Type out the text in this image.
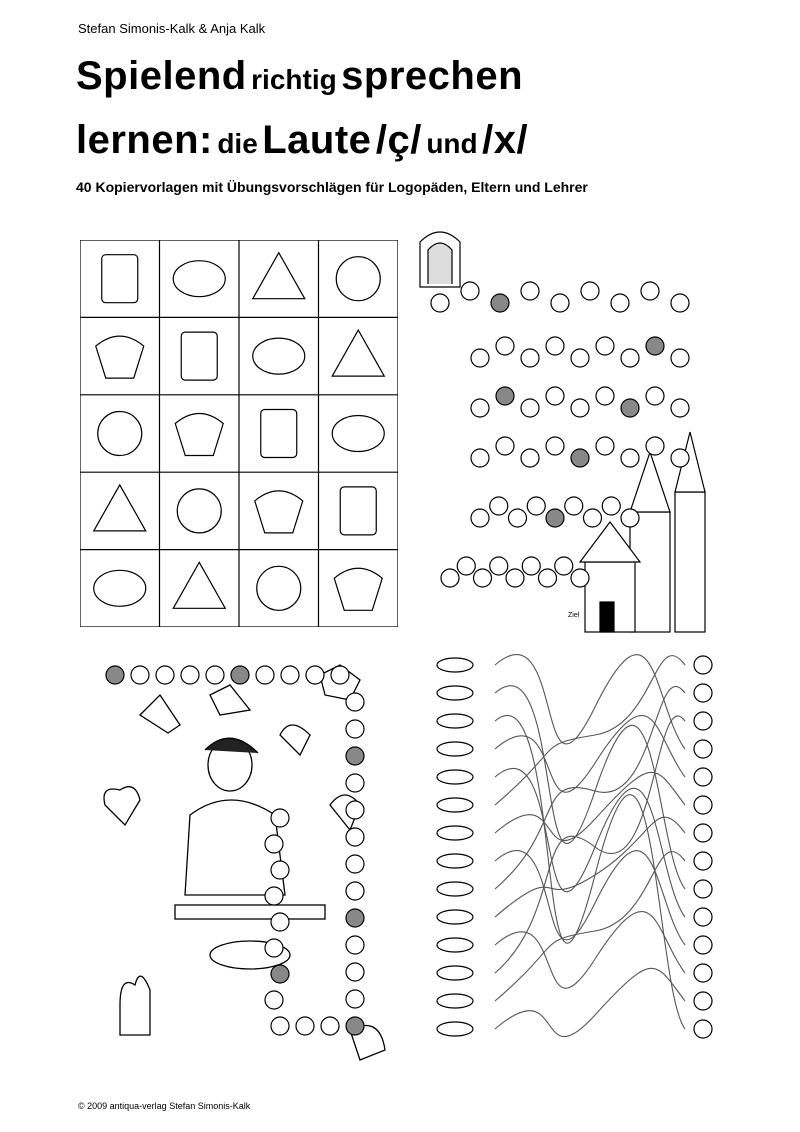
Stefan Simonis-Kalk & Anja Kalk
Spielend richtig sprechen
lernen: die Laute /ç/ und /x/
40 Kopiervorlagen mit Übungsvorschlägen für Logopäden, Eltern und Lehrer
Ziel
© 2009 antiqua-verlag Stefan Simonis-Kalk
